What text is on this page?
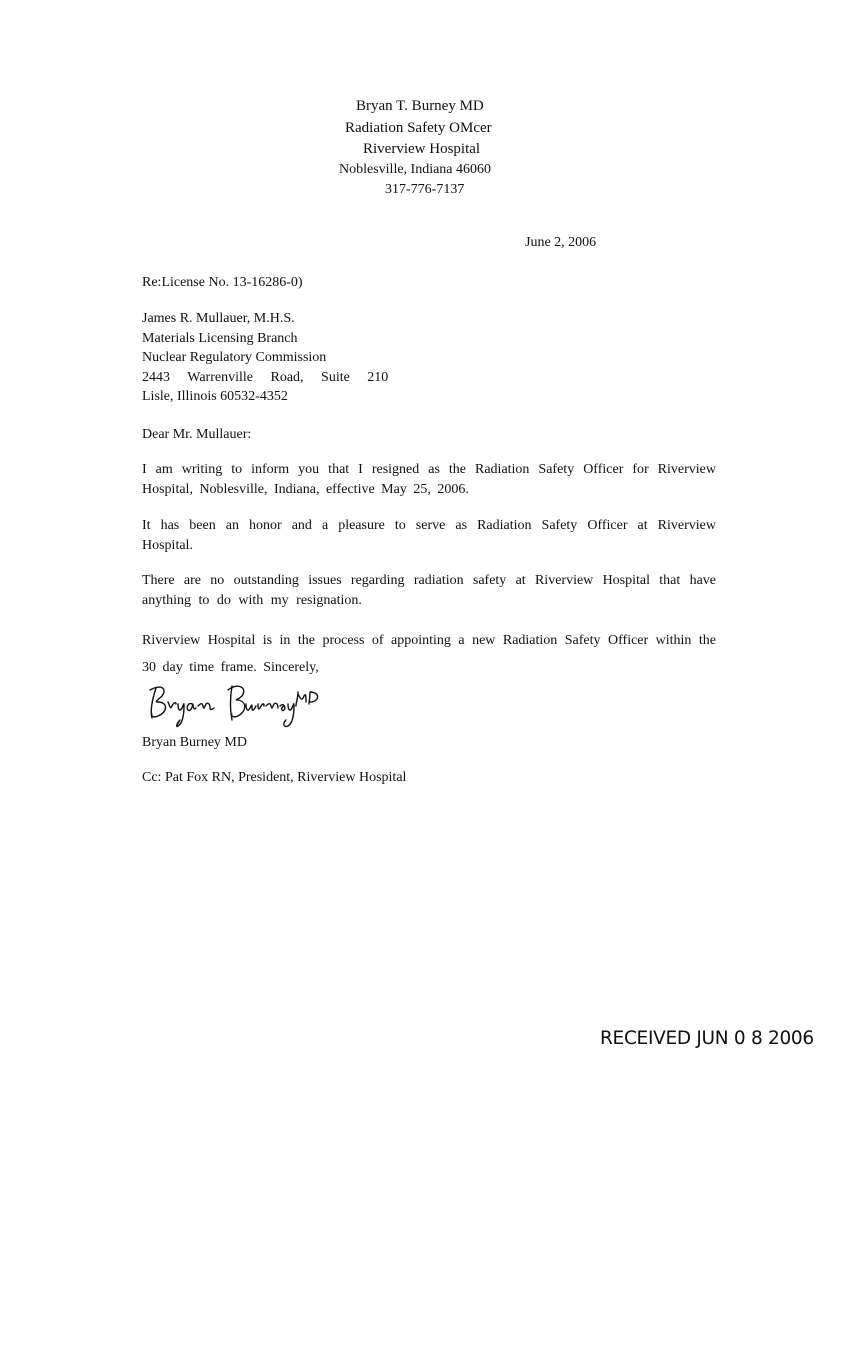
Bryan T. Burney MD
Radiation Safety OMcer
Riverview Hospital
Noblesville, Indiana 46060
317-776-7137
June 2, 2006
Re:License No. 13-16286-0)
James R. Mullauer, M.H.S.
Materials Licensing Branch
Nuclear Regulatory Commission
2443 Warrenville Road, Suite 210
Lisle, Illinois 60532-4352
Dear Mr. Mullauer:
I am writing to inform you that I resigned as the Radiation Safety Officer for Riverview Hospital, Noblesville, Indiana, effective May 25, 2006.
It has been an honor and a pleasure to serve as Radiation Safety Officer at Riverview Hospital.
There are no outstanding issues regarding radiation safety at Riverview Hospital that have anything to do with my resignation.
Riverview Hospital is in the process of appointing a new Radiation Safety Officer within the 30 day time frame. Sincerely,
Bryan Burney MD
Cc: Pat Fox RN, President, Riverview Hospital
RECEIVED JUN 0 8 2006
